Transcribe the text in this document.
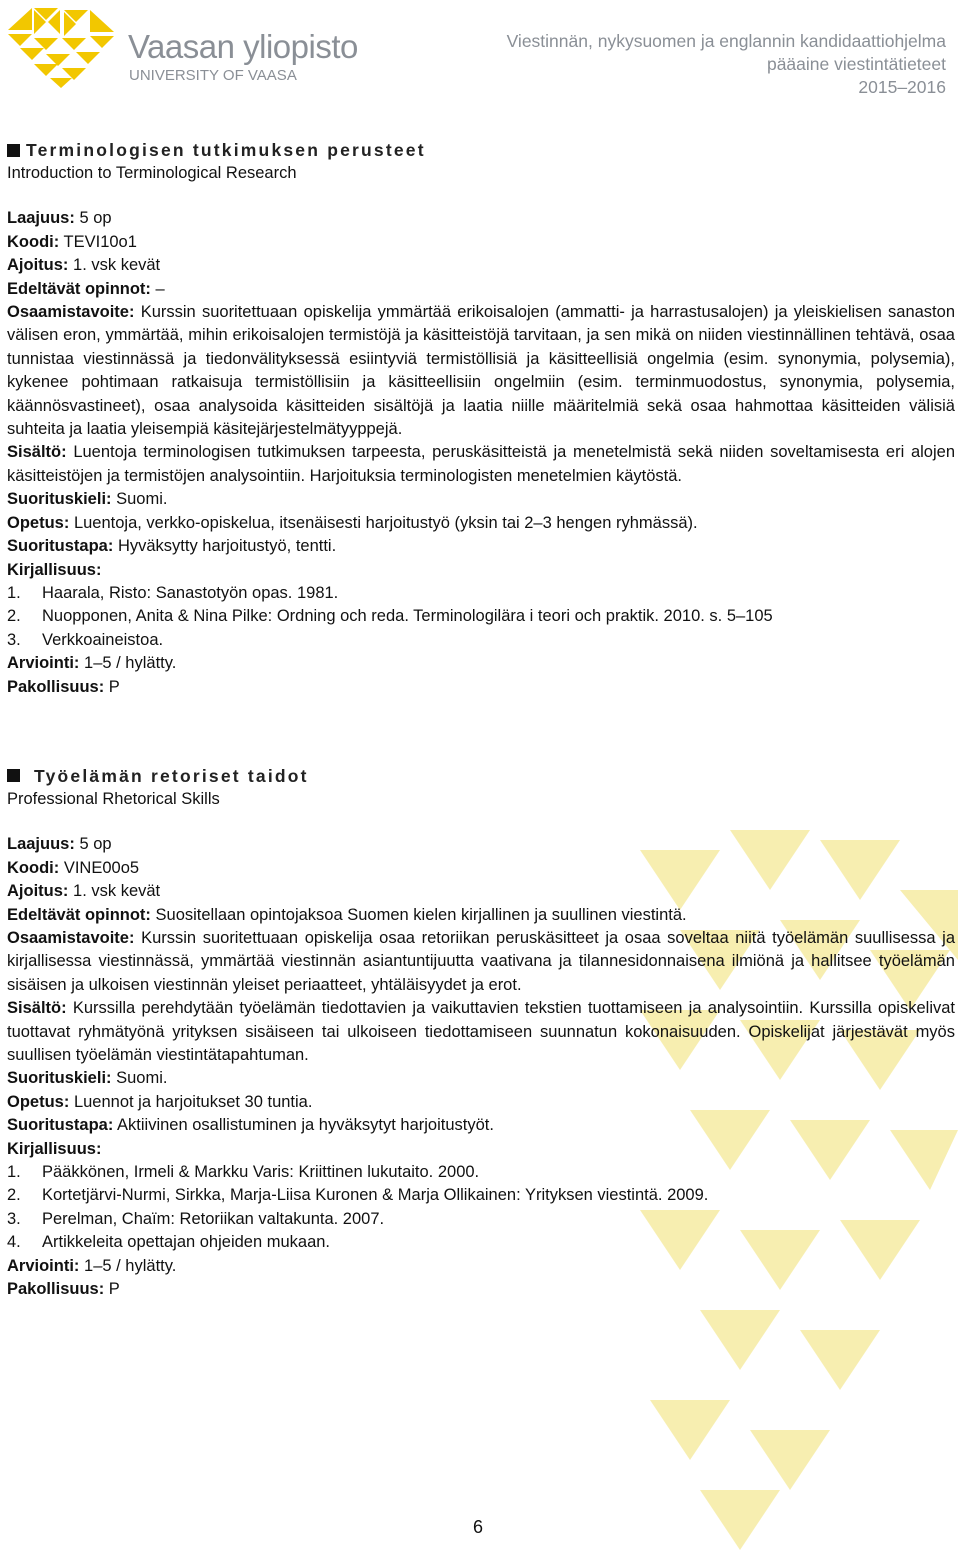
Vaasan yliopisto
UNIVERSITY OF VAASA
Viestinnän, nykysuomen ja englannin kandidaattiohjelma
pääaine viestintätieteet
2015–2016
Terminologisen tutkimuksen perusteet

Introduction to Terminological Research

Laajuus: 5 op

Koodi: TEVI10o1

Ajoitus: 1. vsk kevät

Edeltävät opinnot: –

Osaamistavoite: Kurssin suoritettuaan opiskelija ymmärtää erikoisalojen (ammatti- ja harrastusalojen) ja yleiskielisen sanaston välisen eron, ymmärtää, mihin erikoisalojen termistöjä ja käsitteistöjä tarvitaan, ja sen mikä on niiden viestinnällinen tehtävä, osaa tunnistaa viestinnässä ja tiedonvälityksessä esiintyviä termistöllisiä ja käsitteellisiä ongelmia (esim. synonymia, polysemia), kykenee pohtimaan ratkaisuja termistöllisiin ja käsitteellisiin ongelmiin (esim. terminmuodostus, synonymia, polysemia, käännösvastineet), osaa analysoida käsitteiden sisältöjä ja laatia niille määritelmiä sekä osaa hahmottaa käsitteiden välisiä suhteita ja laatia yleisempiä käsitejärjestelmätyyppejä.

Sisältö: Luentoja terminologisen tutkimuksen tarpeesta, peruskäsitteistä ja menetelmistä sekä niiden soveltamisesta eri alojen käsitteistöjen ja termistöjen analysointiin. Harjoituksia terminologisten menetelmien käytöstä.

Suorituskieli: Suomi.

Opetus: Luentoja, verkko-opiskelua, itsenäisesti harjoitustyö (yksin tai 2–3 hengen ryhmässä).

Suoritustapa: Hyväksytty harjoitustyö, tentti.

Kirjallisuus:

1. Haarala, Risto: Sanastotyön opas. 1981.

2. Nuopponen, Anita & Nina Pilke: Ordning och reda. Terminologilära i teori och praktik. 2010. s. 5–105

3. Verkkoaineistoa.

Arviointi: 1–5 / hylätty.

Pakollisuus: P

Työelämän retoriset taidot

Professional Rhetorical Skills

Laajuus: 5 op

Koodi: VINE00o5

Ajoitus: 1. vsk kevät

Edeltävät opinnot: Suositellaan opintojaksoa Suomen kielen kirjallinen ja suullinen viestintä.

Osaamistavoite: Kurssin suoritettuaan opiskelija osaa retoriikan peruskäsitteet ja osaa soveltaa niitä työelämän suullisessa ja kirjallisessa viestinnässä, ymmärtää viestinnän asiantuntijuutta vaativana ja tilannesidonnaisena ilmiönä ja hallitsee työelämän sisäisen ja ulkoisen viestinnän yleiset periaatteet, yhtäläisyydet ja erot.

Sisältö: Kurssilla perehdytään työelämän tiedottavien ja vaikuttavien tekstien tuottamiseen ja analysointiin. Kurssilla opiskelivat tuottavat ryhmätyönä yrityksen sisäiseen tai ulkoiseen tiedottamiseen suunnatun kokonaisuuden. Opiskelijat järjestävät myös suullisen työelämän viestintätapahtuman.

Suorituskieli: Suomi.

Opetus: Luennot ja harjoitukset 30 tuntia.

Suoritustapa: Aktiivinen osallistuminen ja hyväksytyt harjoitustyöt.

Kirjallisuus:

1. Pääkkönen, Irmeli & Markku Varis: Kriittinen lukutaito. 2000.

2. Kortetjärvi-Nurmi, Sirkka, Marja-Liisa Kuronen & Marja Ollikainen: Yrityksen viestintä. 2009.

3. Perelman, Chaïm: Retoriikan valtakunta. 2007.

4. Artikkeleita opettajan ohjeiden mukaan.

Arviointi: 1–5 / hylätty.

Pakollisuus: P

6
